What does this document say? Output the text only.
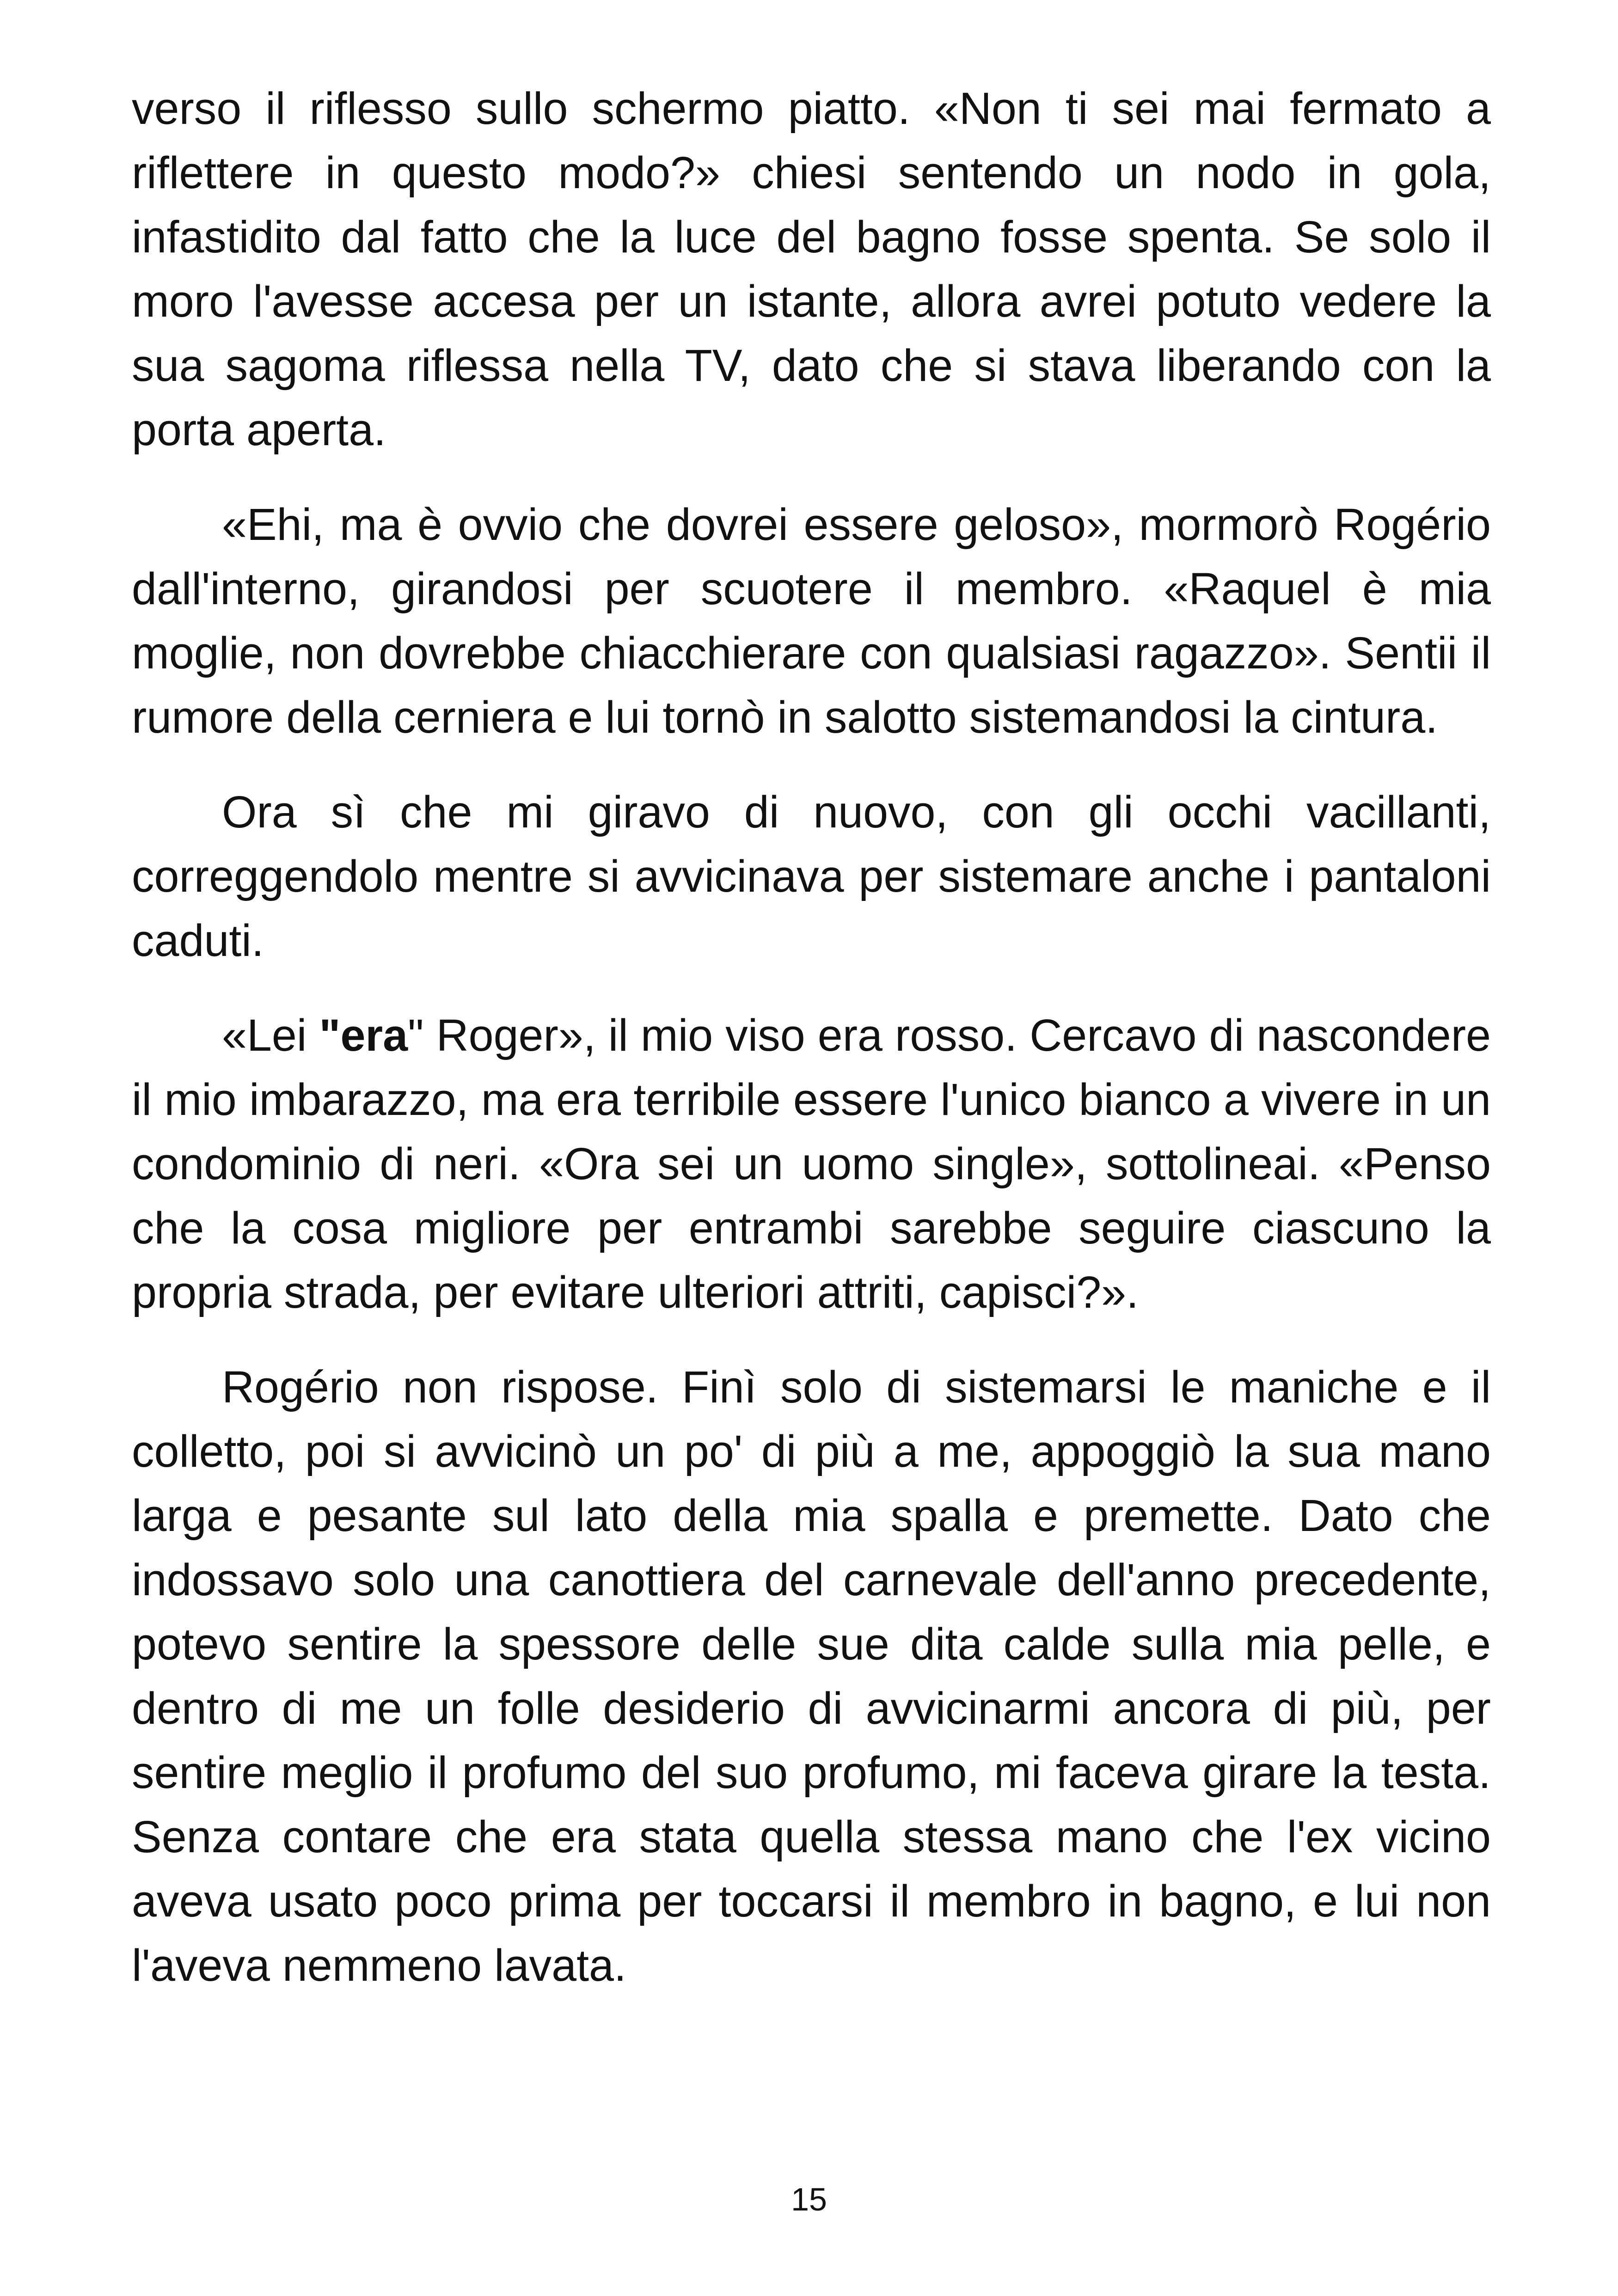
verso il riflesso sullo schermo piatto. «Non ti sei mai fermato a riflettere in questo modo?» chiesi sentendo un nodo in gola, infastidito dal fatto che la luce del bagno fosse spenta. Se solo il moro l'avesse accesa per un istante, allora avrei potuto vedere la sua sagoma riflessa nella TV, dato che si stava liberando con la porta aperta.

«Ehi, ma è ovvio che dovrei essere geloso», mormorò Rogério dall'interno, girandosi per scuotere il membro. «Raquel è mia moglie, non dovrebbe chiacchierare con qualsiasi ragazzo». Sentii il rumore della cerniera e lui tornò in salotto sistemandosi la cintura.

Ora sì che mi giravo di nuovo, con gli occhi vacillanti, correggendolo mentre si avvicinava per sistemare anche i pantaloni caduti.

«Lei "era" Roger», il mio viso era rosso. Cercavo di nascondere il mio imbarazzo, ma era terribile essere l'unico bianco a vivere in un condominio di neri. «Ora sei un uomo single», sottolineai. «Penso che la cosa migliore per entrambi sarebbe seguire ciascuno la propria strada, per evitare ulteriori attriti, capisci?».

Rogério non rispose. Finì solo di sistemarsi le maniche e il colletto, poi si avvicinò un po' di più a me, appoggiò la sua mano larga e pesante sul lato della mia spalla e premette. Dato che indossavo solo una canottiera del carnevale dell'anno precedente, potevo sentire la spessore delle sue dita calde sulla mia pelle, e dentro di me un folle desiderio di avvicinarmi ancora di più, per sentire meglio il profumo del suo profumo, mi faceva girare la testa. Senza contare che era stata quella stessa mano che l'ex vicino aveva usato poco prima per toccarsi il membro in bagno, e lui non l'aveva nemmeno lavata.

15
